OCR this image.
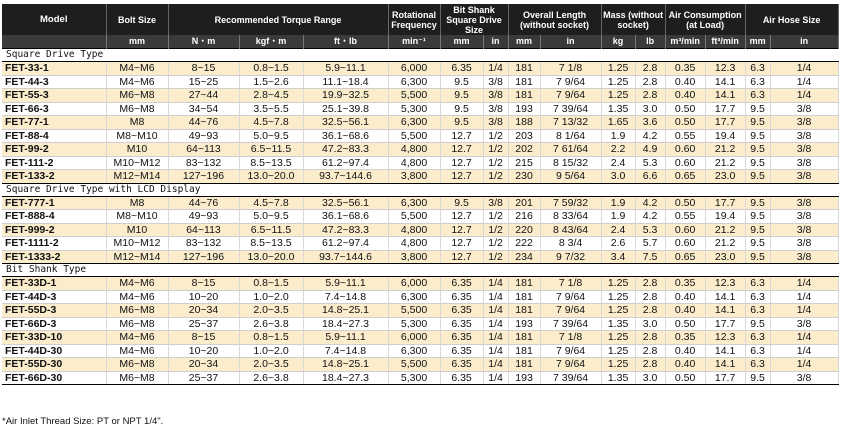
Model	Bolt Size	Recommended Torque Range			Rotational Frequency	Bit Shank Square Drive Size		Overall Length (without socket)		Mass (without socket)		Air Consumption (at Load)		Air Hose Size	
	mm	N・m	kgf・m	ft・lb	min⁻¹	mm	in	mm	in	kg	lb	m³/min	ft³/min	mm	in
Square Drive Type															
FET-33-1	M4~M6	8~15	0.8~1.5	5.9~11.1	6,000	6.35	1/4	181	7 1/8	1.25	2.8	0.35	12.3	6.3	1/4
FET-44-3	M4~M6	15~25	1.5~2.6	11.1~18.4	6,300	9.5	3/8	181	7 9/64	1.25	2.8	0.40	14.1	6.3	1/4
FET-55-3	M6~M8	27~44	2.8~4.5	19.9~32.5	5,500	9.5	3/8	181	7 9/64	1.25	2.8	0.40	14.1	6.3	1/4
FET-66-3	M6~M8	34~54	3.5~5.5	25.1~39.8	5,300	9.5	3/8	193	7 39/64	1.35	3.0	0.50	17.7	9.5	3/8
FET-77-1	M8	44~76	4.5~7.8	32.5~56.1	6,300	9.5	3/8	188	7 13/32	1.65	3.6	0.50	17.7	9.5	3/8
FET-88-4	M8~M10	49~93	5.0~9.5	36.1~68.6	5,500	12.7	1/2	203	8 1/64	1.9	4.2	0.55	19.4	9.5	3/8
FET-99-2	M10	64~113	6.5~11.5	47.2~83.3	4,800	12.7	1/2	202	7 61/64	2.2	4.9	0.60	21.2	9.5	3/8
FET-111-2	M10~M12	83~132	8.5~13.5	61.2~97.4	4,800	12.7	1/2	215	8 15/32	2.4	5.3	0.60	21.2	9.5	3/8
FET-133-2	M12~M14	127~196	13.0~20.0	93.7~144.6	3,800	12.7	1/2	230	9 5/64	3.0	6.6	0.65	23.0	9.5	3/8
Square Drive Type with LCD Display															
FET-777-1	M8	44~76	4.5~7.8	32.5~56.1	6,300	9.5	3/8	201	7 59/32	1.9	4.2	0.50	17.7	9.5	3/8
FET-888-4	M8~M10	49~93	5.0~9.5	36.1~68.6	5,500	12.7	1/2	216	8 33/64	1.9	4.2	0.55	19.4	9.5	3/8
FET-999-2	M10	64~113	6.5~11.5	47.2~83.3	4,800	12.7	1/2	220	8 43/64	2.4	5.3	0.60	21.2	9.5	3/8
FET-1111-2	M10~M12	83~132	8.5~13.5	61.2~97.4	4,800	12.7	1/2	222	8 3/4	2.6	5.7	0.60	21.2	9.5	3/8
FET-1333-2	M12~M14	127~196	13.0~20.0	93.7~144.6	3,800	12.7	1/2	234	9 7/32	3.4	7.5	0.65	23.0	9.5	3/8
Bit Shank Type															
FET-33D-1	M4~M6	8~15	0.8~1.5	5.9~11.1	6,000	6.35	1/4	181	7 1/8	1.25	2.8	0.35	12.3	6.3	1/4
FET-44D-3	M4~M6	10~20	1.0~2.0	7.4~14.8	6,300	6.35	1/4	181	7 9/64	1.25	2.8	0.40	14.1	6.3	1/4
FET-55D-3	M6~M8	20~34	2.0~3.5	14.8~25.1	5,500	6.35	1/4	181	7 9/64	1.25	2.8	0.40	14.1	6.3	1/4
FET-66D-3	M6~M8	25~37	2.6~3.8	18.4~27.3	5,300	6.35	1/4	193	7 39/64	1.35	3.0	0.50	17.7	9.5	3/8
FET-33D-10	M4~M6	8~15	0.8~1.5	5.9~11.1	6,000	6.35	1/4	181	7 1/8	1.25	2.8	0.35	12.3	6.3	1/4
FET-44D-30	M4~M6	10~20	1.0~2.0	7.4~14.8	6,300	6.35	1/4	181	7 9/64	1.25	2.8	0.40	14.1	6.3	1/4
FET-55D-30	M6~M8	20~34	2.0~3.5	14.8~25.1	5,500	6.35	1/4	181	7 9/64	1.25	2.8	0.40	14.1	6.3	1/4
FET-66D-30	M6~M8	25~37	2.6~3.8	18.4~27.3	5,300	6.35	1/4	193	7 39/64	1.35	3.0	0.50	17.7	9.5	3/8
*Air Inlet Thread Size: PT or NPT 1/4".
